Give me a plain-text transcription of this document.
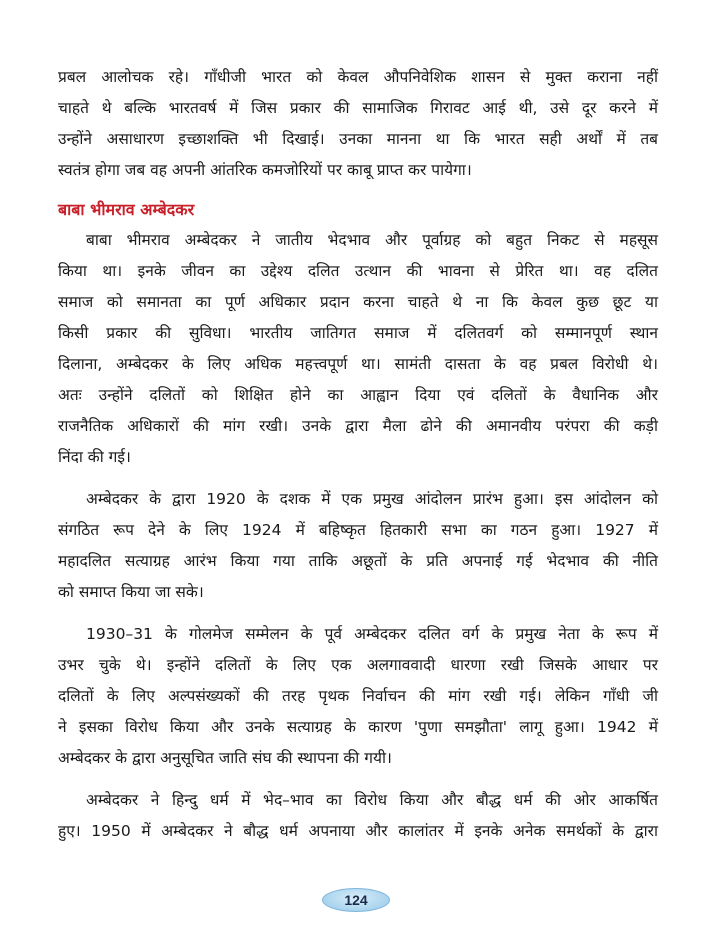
प्रबल आलोचक रहे। गाँधीजी भारत को केवल औपनिवेशिक शासन से मुक्त कराना नहीं
चाहते थे बल्कि भारतवर्ष में जिस प्रकार की सामाजिक गिरावट आई थी, उसे दूर करने में
उन्होंने असाधारण इच्छाशक्ति भी दिखाई। उनका मानना था कि भारत सही अर्थों में तब
स्वतंत्र होगा जब वह अपनी आंतरिक कमजोरियों पर काबू प्राप्त कर पायेगा।
बाबा भीमराव अम्बेदकर
बाबा भीमराव अम्बेदकर ने जातीय भेदभाव और पूर्वाग्रह को बहुत निकट से महसूस
किया था। इनके जीवन का उद्देश्य दलित उत्थान की भावना से प्रेरित था। वह दलित
समाज को समानता का पूर्ण अधिकार प्रदान करना चाहते थे ना कि केवल कुछ छूट या
किसी प्रकार की सुविधा। भारतीय जातिगत समाज में दलितवर्ग को सम्मानपूर्ण स्थान
दिलाना, अम्बेदकर के लिए अधिक महत्त्वपूर्ण था। सामंती दासता के वह प्रबल विरोधी थे।
अतः उन्होंने दलितों को शिक्षित होने का आह्वान दिया एवं दलितों के वैधानिक और
राजनैतिक अधिकारों की मांग रखी। उनके द्वारा मैला ढोने की अमानवीय परंपरा की कड़ी
निंदा की गई।
अम्बेदकर के द्वारा 1920 के दशक में एक प्रमुख आंदोलन प्रारंभ हुआ। इस आंदोलन को
संगठित रूप देने के लिए 1924 में बहिष्कृत हितकारी सभा का गठन हुआ। 1927 में
महादलित सत्याग्रह आरंभ किया गया ताकि अछूतों के प्रति अपनाई गई भेदभाव की नीति
को समाप्त किया जा सके।
1930–31 के गोलमेज सम्मेलन के पूर्व अम्बेदकर दलित वर्ग के प्रमुख नेता के रूप में
उभर चुके थे। इन्होंने दलितों के लिए एक अलगाववादी धारणा रखी जिसके आधार पर
दलितों के लिए अल्पसंख्यकों की तरह पृथक निर्वाचन की मांग रखी गई। लेकिन गाँधी जी
ने इसका विरोध किया और उनके सत्याग्रह के कारण 'पुणा समझौता' लागू हुआ। 1942 में
अम्बेदकर के द्वारा अनुसूचित जाति संघ की स्थापना की गयी।
अम्बेदकर ने हिन्दु धर्म में भेद–भाव का विरोध किया और बौद्ध धर्म की ओर आकर्षित
हुए। 1950 में अम्बेदकर ने बौद्ध धर्म अपनाया और कालांतर में इनके अनेक समर्थकों के द्वारा
124
